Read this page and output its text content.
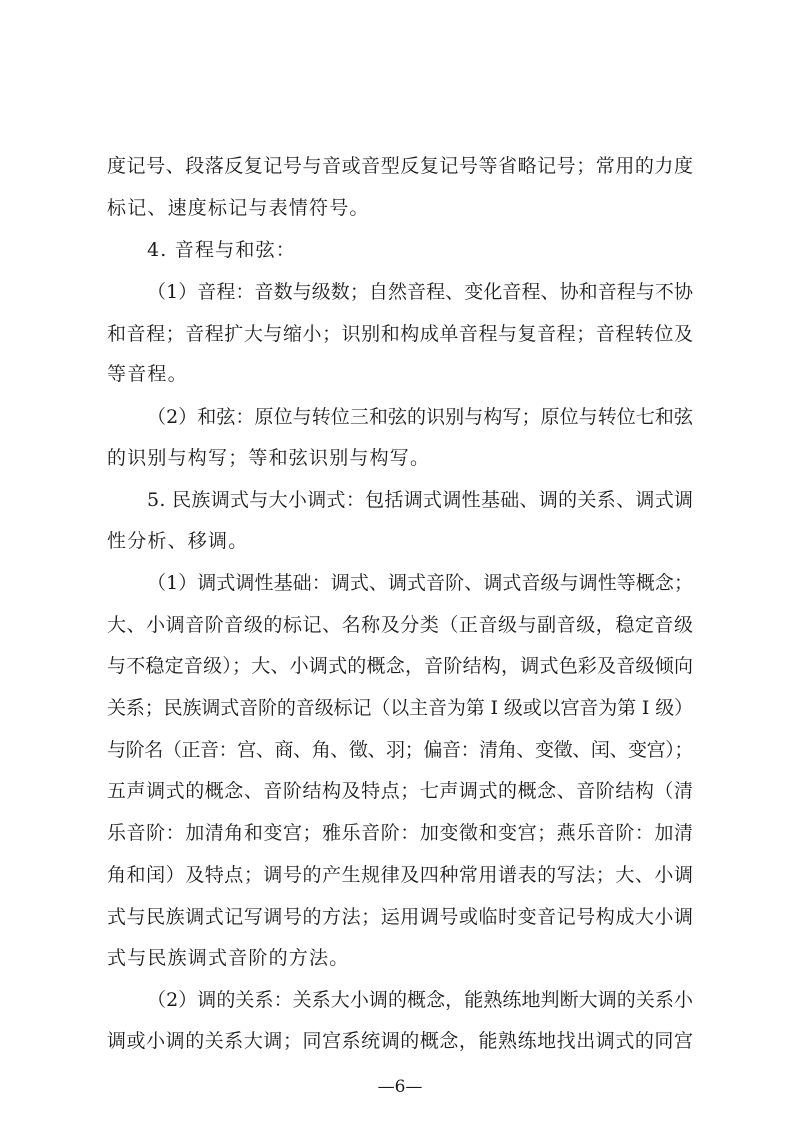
度记号、段落反复记号与音或音型反复记号等省略记号；常用的力度
标记、速度标记与表情符号。
4. 音程与和弦：
（1）音程：音数与级数；自然音程、变化音程、协和音程与不协
和音程；音程扩大与缩小；识别和构成单音程与复音程；音程转位及
等音程。
（2）和弦：原位与转位三和弦的识别与构写；原位与转位七和弦
的识别与构写；等和弦识别与构写。
5. 民族调式与大小调式：包括调式调性基础、调的关系、调式调
性分析、移调。
（1）调式调性基础：调式、调式音阶、调式音级与调性等概念；
大、小调音阶音级的标记、名称及分类（正音级与副音级，稳定音级
与不稳定音级）；大、小调式的概念，音阶结构，调式色彩及音级倾向
关系；民族调式音阶的音级标记（以主音为第 I 级或以宫音为第 I 级）
与阶名（正音：宫、商、角、徵、羽；偏音：清角、变徵、闰、变宫）；
五声调式的概念、音阶结构及特点；七声调式的概念、音阶结构（清
乐音阶：加清角和变宫；雅乐音阶：加变徵和变宫；燕乐音阶：加清
角和闰）及特点；调号的产生规律及四种常用谱表的写法；大、小调
式与民族调式记写调号的方法；运用调号或临时变音记号构成大小调
式与民族调式音阶的方法。
（2）调的关系：关系大小调的概念，能熟练地判断大调的关系小
调或小调的关系大调；同宫系统调的概念，能熟练地找出调式的同宫
—6—
